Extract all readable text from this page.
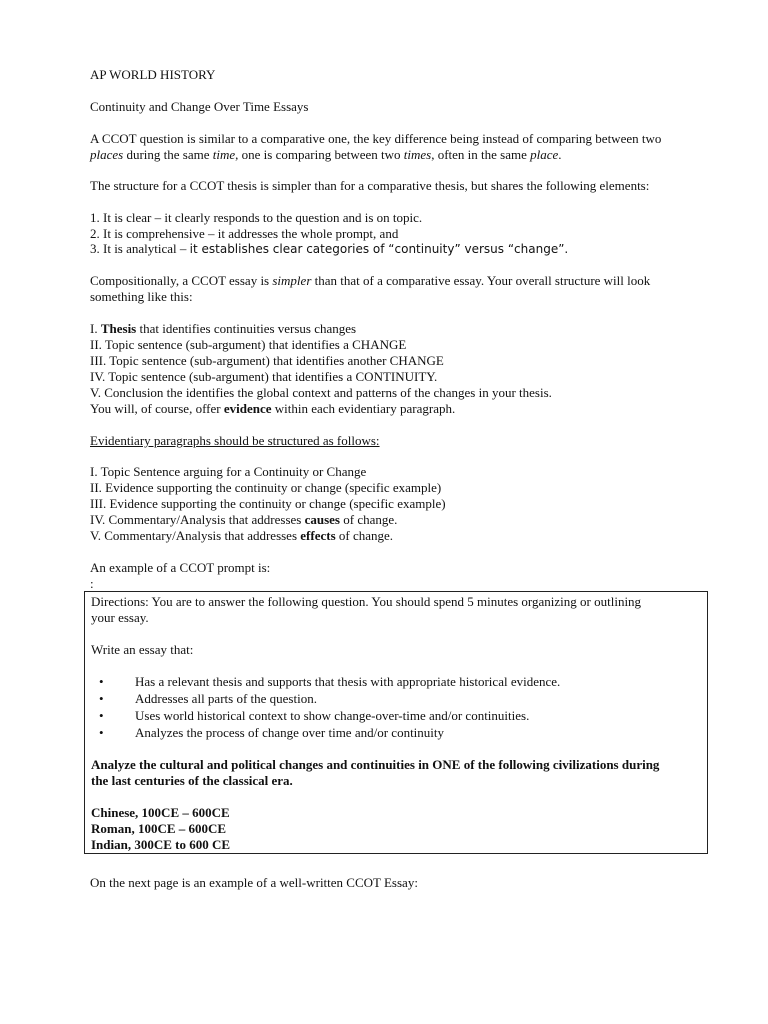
AP WORLD HISTORY
Continuity and Change Over Time Essays
A CCOT question is similar to a comparative one, the key difference being instead of comparing between two
places during the same time, one is comparing between two times, often in the same place.
The structure for a CCOT thesis is simpler than for a comparative thesis, but shares the following elements:
1. It is clear – it clearly responds to the question and is on topic.
2. It is comprehensive – it addresses the whole prompt, and
3. It is analytical – it establishes clear categories of “continuity” versus “change”.
Compositionally, a CCOT essay is simpler than that of a comparative essay. Your overall structure will look
something like this:
I. Thesis that identifies continuities versus changes
II. Topic sentence (sub-argument) that identifies a CHANGE
III. Topic sentence (sub-argument) that identifies another CHANGE
IV. Topic sentence (sub-argument) that identifies a CONTINUITY.
V. Conclusion the identifies the global context and patterns of the changes in your thesis.
You will, of course, offer evidence within each evidentiary paragraph.
Evidentiary paragraphs should be structured as follows:
I. Topic Sentence arguing for a Continuity or Change
II. Evidence supporting the continuity or change (specific example)
III. Evidence supporting the continuity or change (specific example)
IV. Commentary/Analysis that addresses causes of change.
V. Commentary/Analysis that addresses effects of change.
An example of a CCOT prompt is:
:
Directions: You are to answer the following question. You should spend 5 minutes organizing or outlining
your essay.
Write an essay that:
• Has a relevant thesis and supports that thesis with appropriate historical evidence.
• Addresses all parts of the question.
• Uses world historical context to show change-over-time and/or continuities.
• Analyzes the process of change over time and/or continuity
Analyze the cultural and political changes and continuities in ONE of the following civilizations during
the last centuries of the classical era.
Chinese, 100CE – 600CE
Roman, 100CE – 600CE
Indian, 300CE to 600 CE
On the next page is an example of a well-written CCOT Essay:
